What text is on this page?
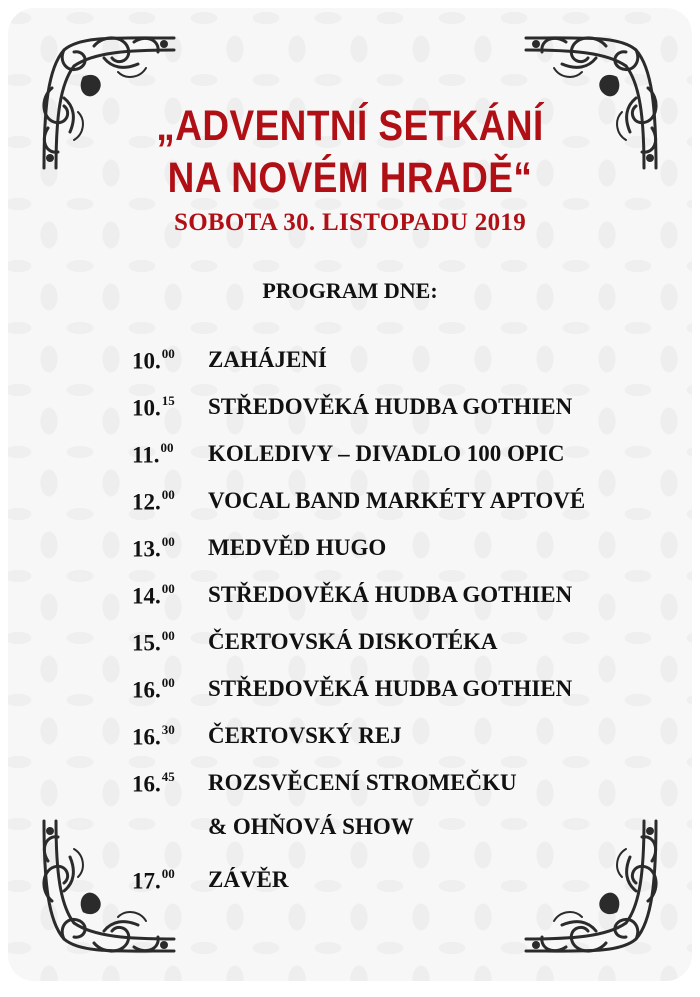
„ADVENTNÍ SETKÁNÍ
NA NOVÉM HRADĚ“
SOBOTA 30. LISTOPADU 2019
PROGRAM DNE:
10.00 ZAHÁJENÍ
10.15 STŘEDOVĚKÁ HUDBA GOTHIEN
11.00 KOLEDIVY – DIVADLO 100 OPIC
12.00 VOCAL BAND MARKÉTY APTOVÉ
13.00 MEDVĚD HUGO
14.00 STŘEDOVĚKÁ HUDBA GOTHIEN
15.00 ČERTOVSKÁ DISKOTÉKA
16.00 STŘEDOVĚKÁ HUDBA GOTHIEN
16.30 ČERTOVSKÝ REJ
16.45 ROZSVĚCENÍ STROMEČKU
& OHŇOVÁ SHOW
17.00 ZÁVĚR
